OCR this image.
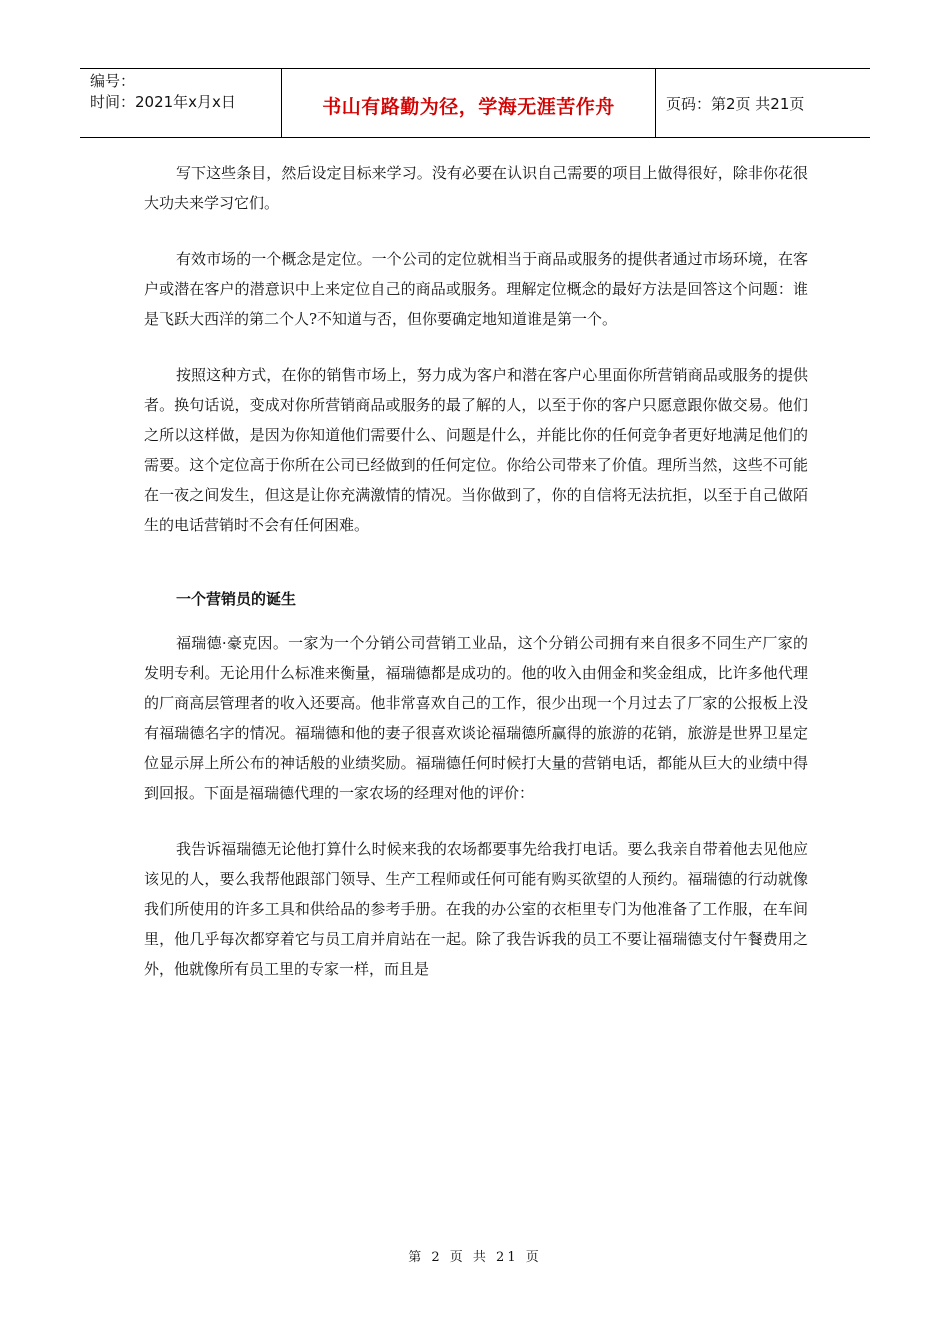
编号：
时间：2021年x月x日	书山有路勤为径，学海无涯苦作舟	页码：第2页 共21页

写下这些条目，然后设定目标来学习。没有必要在认识自己需要的项目上做得很好，除非你花很大功夫来学习它们。

有效市场的一个概念是定位。一个公司的定位就相当于商品或服务的提供者通过市场环境，在客户或潜在客户的潜意识中上来定位自己的商品或服务。理解定位概念的最好方法是回答这个问题：谁是飞跃大西洋的第二个人?不知道与否，但你要确定地知道谁是第一个。

按照这种方式，在你的销售市场上，努力成为客户和潜在客户心里面你所营销商品或服务的提供者。换句话说，变成对你所营销商品或服务的最了解的人，以至于你的客户只愿意跟你做交易。他们之所以这样做，是因为你知道他们需要什么、问题是什么，并能比你的任何竞争者更好地满足他们的需要。这个定位高于你所在公司已经做到的任何定位。你给公司带来了价值。理所当然，这些不可能在一夜之间发生，但这是让你充满激情的情况。当你做到了，你的自信将无法抗拒，以至于自己做陌生的电话营销时不会有任何困难。

一个营销员的诞生

福瑞德·豪克因。一家为一个分销公司营销工业品，这个分销公司拥有来自很多不同生产厂家的发明专利。无论用什么标准来衡量，福瑞德都是成功的。他的收入由佣金和奖金组成，比许多他代理的厂商高层管理者的收入还要高。他非常喜欢自己的工作，很少出现一个月过去了厂家的公报板上没有福瑞德名字的情况。福瑞德和他的妻子很喜欢谈论福瑞德所赢得的旅游的花销，旅游是世界卫星定位显示屏上所公布的神话般的业绩奖励。福瑞德任何时候打大量的营销电话，都能从巨大的业绩中得到回报。下面是福瑞德代理的一家农场的经理对他的评价：

我告诉福瑞德无论他打算什么时候来我的农场都要事先给我打电话。要么我亲自带着他去见他应该见的人，要么我帮他跟部门领导、生产工程师或任何可能有购买欲望的人预约。福瑞德的行动就像我们所使用的许多工具和供给品的参考手册。在我的办公室的衣柜里专门为他准备了工作服，在车间里，他几乎每次都穿着它与员工肩并肩站在一起。除了我告诉我的员工不要让福瑞德支付午餐费用之外，他就像所有员工里的专家一样，而且是

第 2 页 共 21 页
